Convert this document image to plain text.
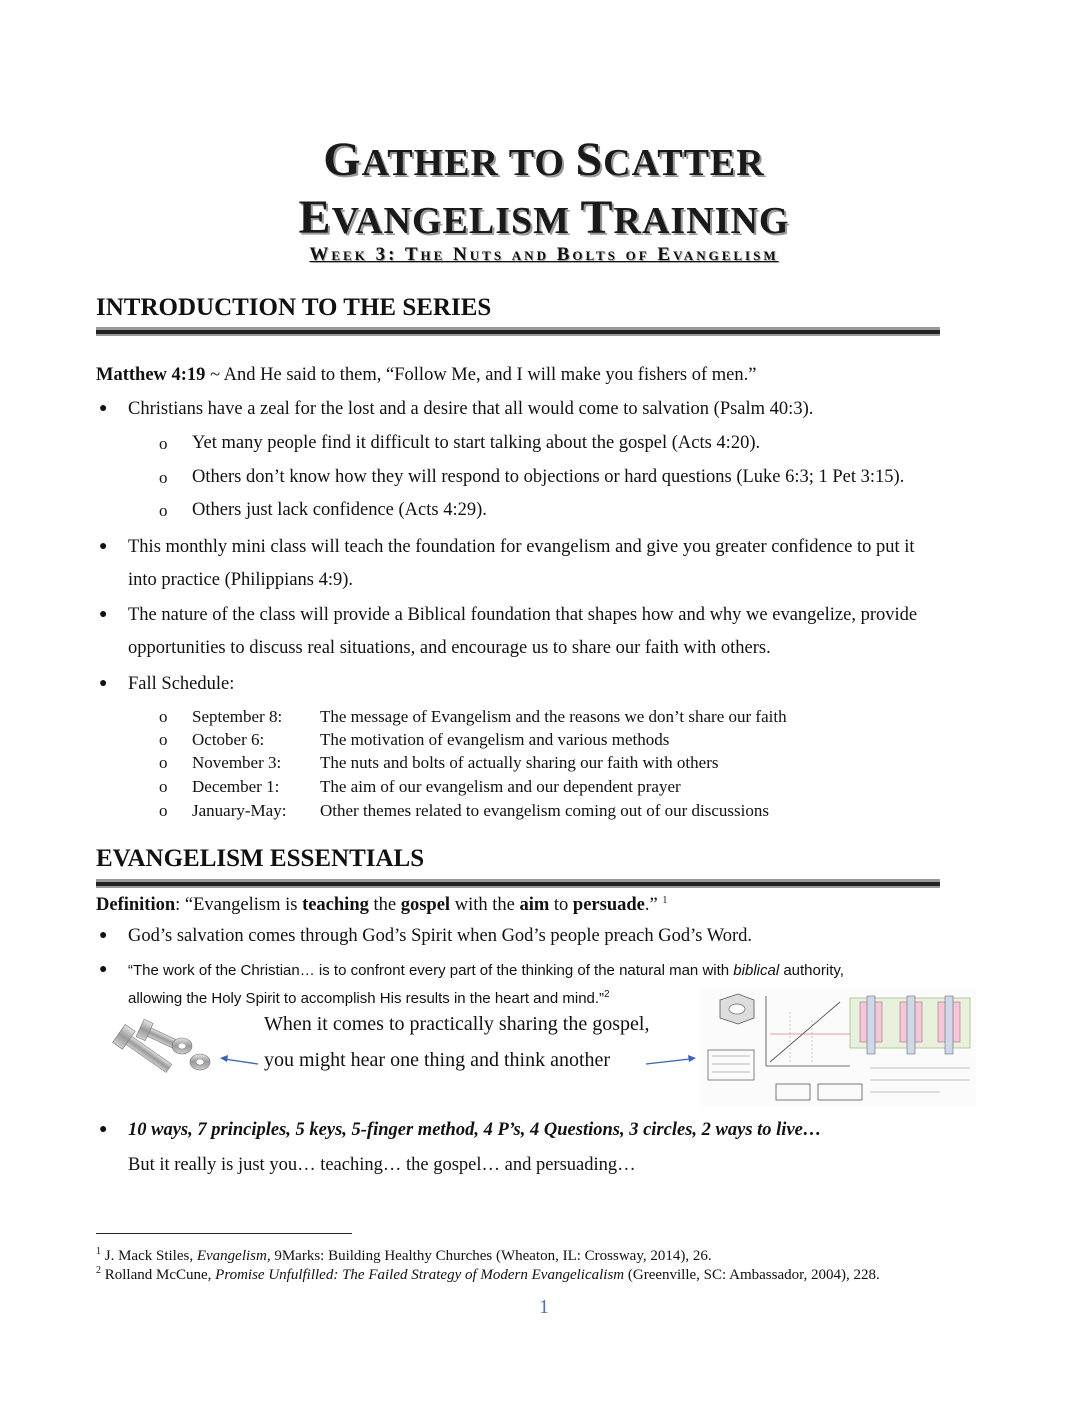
GATHER TO SCATTER
EVANGELISM TRAINING
Week 3: The Nuts and Bolts of Evangelism
INTRODUCTION TO THE SERIES
Matthew 4:19 ~ And He said to them, “Follow Me, and I will make you fishers of men.”
● Christians have a zeal for the lost and a desire that all would come to salvation (Psalm 40:3).
o Yet many people find it difficult to start talking about the gospel (Acts 4:20).
o Others don’t know how they will respond to objections or hard questions (Luke 6:3; 1 Pet 3:15).
o Others just lack confidence (Acts 4:29).
● This monthly mini class will teach the foundation for evangelism and give you greater confidence to put it
into practice (Philippians 4:9).
● The nature of the class will provide a Biblical foundation that shapes how and why we evangelize, provide
opportunities to discuss real situations, and encourage us to share our faith with others.
● Fall Schedule:
o September 8: The message of Evangelism and the reasons we don’t share our faith
o October 6:	The motivation of evangelism and various methods
o November 3: The nuts and bolts of actually sharing our faith with others
o December 1: The aim of our evangelism and our dependent prayer
o January-May: Other themes related to evangelism coming out of our discussions
EVANGELISM ESSENTIALS
Definition: “Evangelism is teaching the gospel with the aim to persuade.” $^1$
● God’s salvation comes through God’s Spirit when God’s people preach God’s Word.
● “The work of the Christian… is to confront every part of the thinking of the natural man with biblical authority,
allowing the Holy Spirit to accomplish His results in the heart and mind.”$^2$
When it comes to practically sharing the gospel,
you might hear one thing and think another
● 10 ways, 7 principles, 5 keys, 5-finger method, 4 P’s, 4 Questions, 3 circles, 2 ways to live…
But it really is just you… teaching… the gospel… and persuading…
$^1$ J. Mack Stiles, Evangelism, 9Marks: Building Healthy Churches (Wheaton, IL: Crossway, 2014), 26.
$^2$ Rolland McCune, Promise Unfulfilled: The Failed Strategy of Modern Evangelicalism (Greenville, SC: Ambassador, 2004), 228.
1
